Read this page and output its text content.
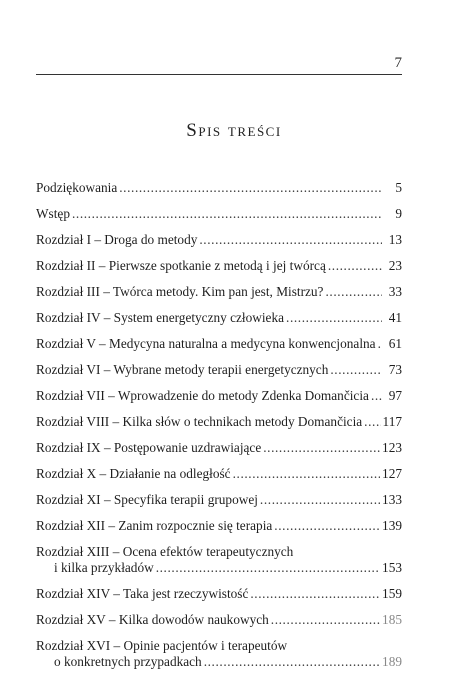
7
Spis treści
Podziękowania .....	5
Wstęp .....	9
Rozdział I – Droga do metody .....	13
Rozdział II – Pierwsze spotkanie z metodą i jej twórcą .....	23
Rozdział III – Twórca metody. Kim pan jest, Mistrzu? .....	33
Rozdział IV – System energetyczny człowieka .....	41
Rozdział V – Medycyna naturalna a medycyna konwencjonalna ..... 61
Rozdział VI – Wybrane metody terapii energetycznych .....	73
Rozdział VII – Wprowadzenie do metody Zdenka Domančicia .....	97
Rozdział VIII – Kilka słów o technikach metody Domančicia ..... 117
Rozdział IX – Postępowanie uzdrawiające .....	123
Rozdział X – Działanie na odległość .....	127
Rozdział XI – Specyfika terapii grupowej .....	133
Rozdział XII – Zanim rozpocznie się terapia .....	139
Rozdział XIII – Ocena efektów terapeutycznych
i kilka przykładów .....	153
Rozdział XIV – Taka jest rzeczywistość .....	159
Rozdział XV – Kilka dowodów naukowych .....	185
Rozdział XVI – Opinie pacjentów i terapeutów
o konkretnych przypadkach .....	189
